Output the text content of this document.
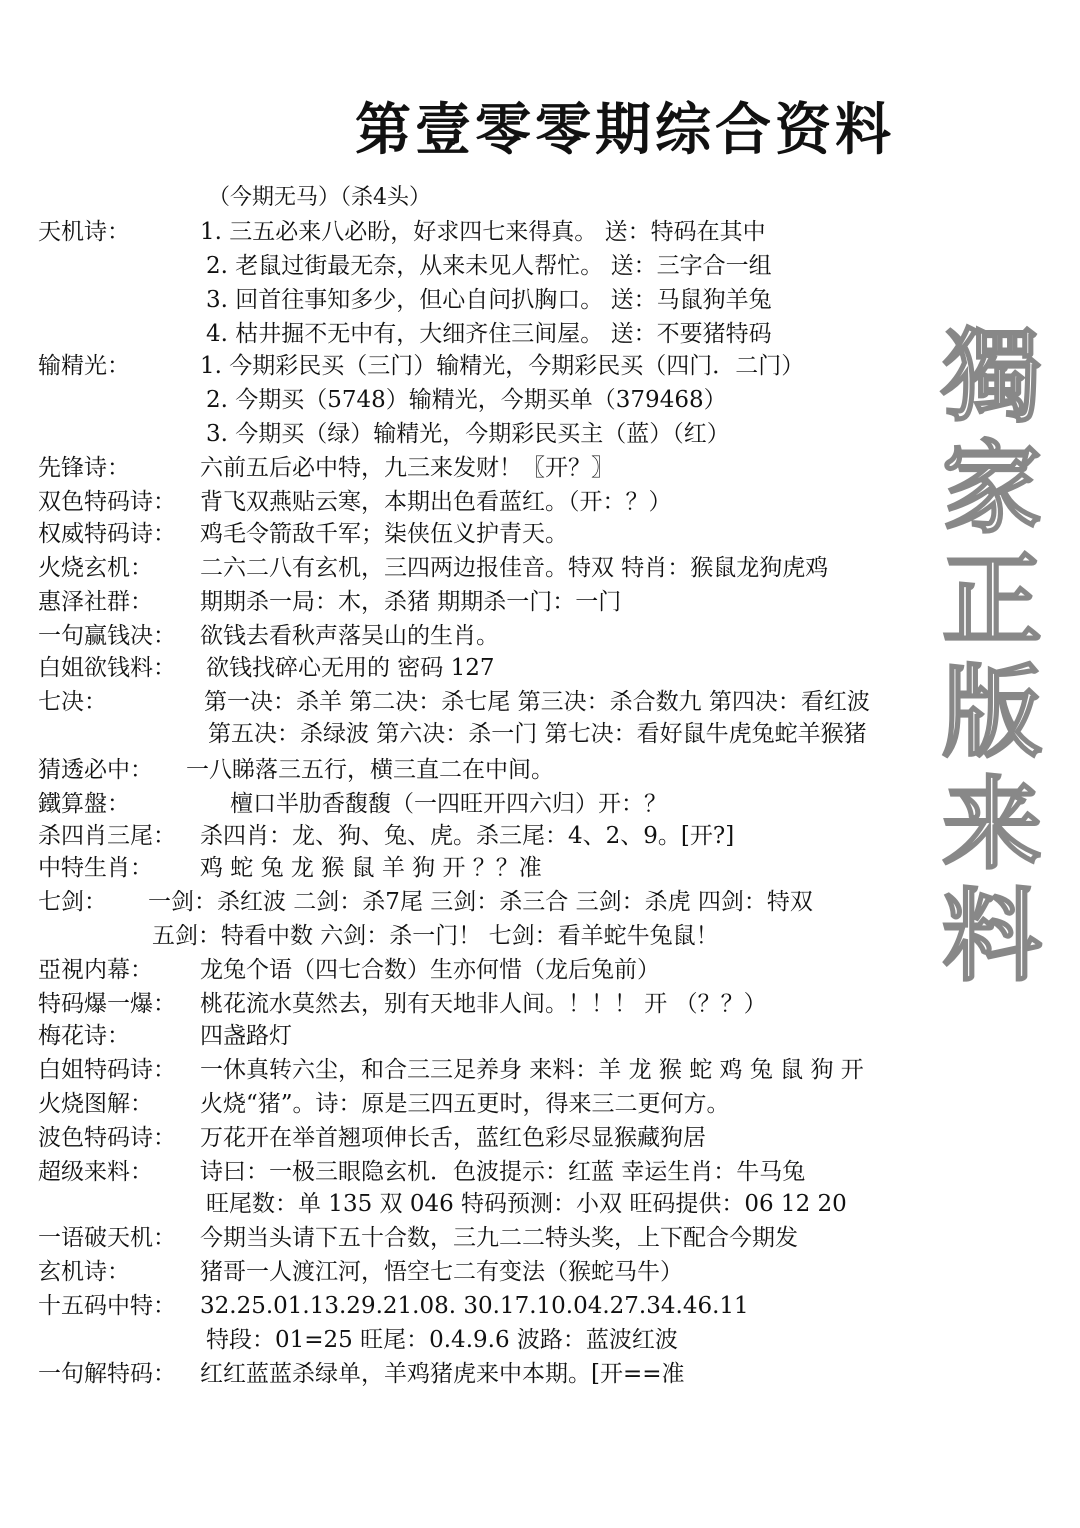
第壹零零期综合资料
（今期无马）（杀4头）
天机诗：	1. 三五必来八必盼，好求四七来得真。 送：特码在其中
2. 老鼠过街最无奈，从来未见人帮忙。 送：三字合一组
3. 回首往事知多少，但心自问扒胸口。 送：马鼠狗羊兔
4. 枯井掘不无中有，大细齐住三间屋。 送：不要猪特码
输精光：	1. 今期彩民买（三门）输精光，今期彩民买（四门．二门）
2. 今期买（5748）输精光，今期买单（379468）
3. 今期买（绿）输精光，今期彩民买主（蓝）（红）
先锋诗：	六前五后必中特，九三来发财！〖开？〗
双色特码诗： 背飞双燕贴云寒，本期出色看蓝红。（开：？）
权威特码诗： 鸡毛令箭敌千军；柒侠伍义护青天。
火烧玄机： 二六二八有玄机，三四两边报佳音。特双 特肖：猴鼠龙狗虎鸡
惠泽社群： 期期杀一局：木，杀猪 期期杀一门：一门
一句赢钱决： 欲钱去看秋声落吴山的生肖。
白姐欲钱料： 欲钱找碎心无用的 密码 127
七决：	第一决：杀羊 第二决：杀七尾 第三决：杀合数九 第四决：看红波
第五决：杀绿波 第六决：杀一门 第七决：看好鼠牛虎兔蛇羊猴猪
猜透必中： 一八睇落三五行，横三直二在中间。
鐵算盤：	檀口半肋香馥馥（一四旺开四六归）开：？
杀四肖三尾： 杀四肖：龙、狗、兔、虎。杀三尾：4、2、9。[开?]
中特生肖： 鸡 蛇 兔 龙 猴 鼠 羊 狗 开 ？？准
七剑： 一剑：杀红波 二剑：杀7尾 三剑：杀三合 三剑：杀虎 四剑：特双
五剑：特看中数 六剑：杀一门！ 七剑：看羊蛇牛兔鼠！
亞視内幕： 龙兔个语（四七合数）生亦何惜（龙后兔前）
特码爆一爆： 桃花流水莫然去，别有天地非人间。！！！ 开 （？？）
梅花诗：	四盏路灯
白姐特码诗： 一休真转六尘，和合三三足养身 来料：羊 龙 猴 蛇 鸡 兔 鼠 狗 开
火烧图解： 火烧“猪”。诗：原是三四五更时，得来三二更何方。
波色特码诗： 万花开在举首翘项伸长舌，蓝红色彩尽显猴藏狗居
超级来料： 诗曰：一极三眼隐玄机．色波提示：红蓝 幸运生肖：牛马兔
旺尾数：单 135 双 046 特码预测：小双 旺码提供：06 12 20
一语破天机： 今期当头请下五十合数，三九二二特头奖，上下配合今期发
玄机诗：	猪哥一人渡江河，悟空七二有变法（猴蛇马牛）
十五码中特： 32.25.01.13.29.21.08. 30.17.10.04.27.34.46.11
特段：01=25 旺尾：0.4.9.6 波路：蓝波红波
一句解特码： 红红蓝蓝杀绿单，羊鸡猪虎来中本期。[开==准
獨
家
正
版
来
料
